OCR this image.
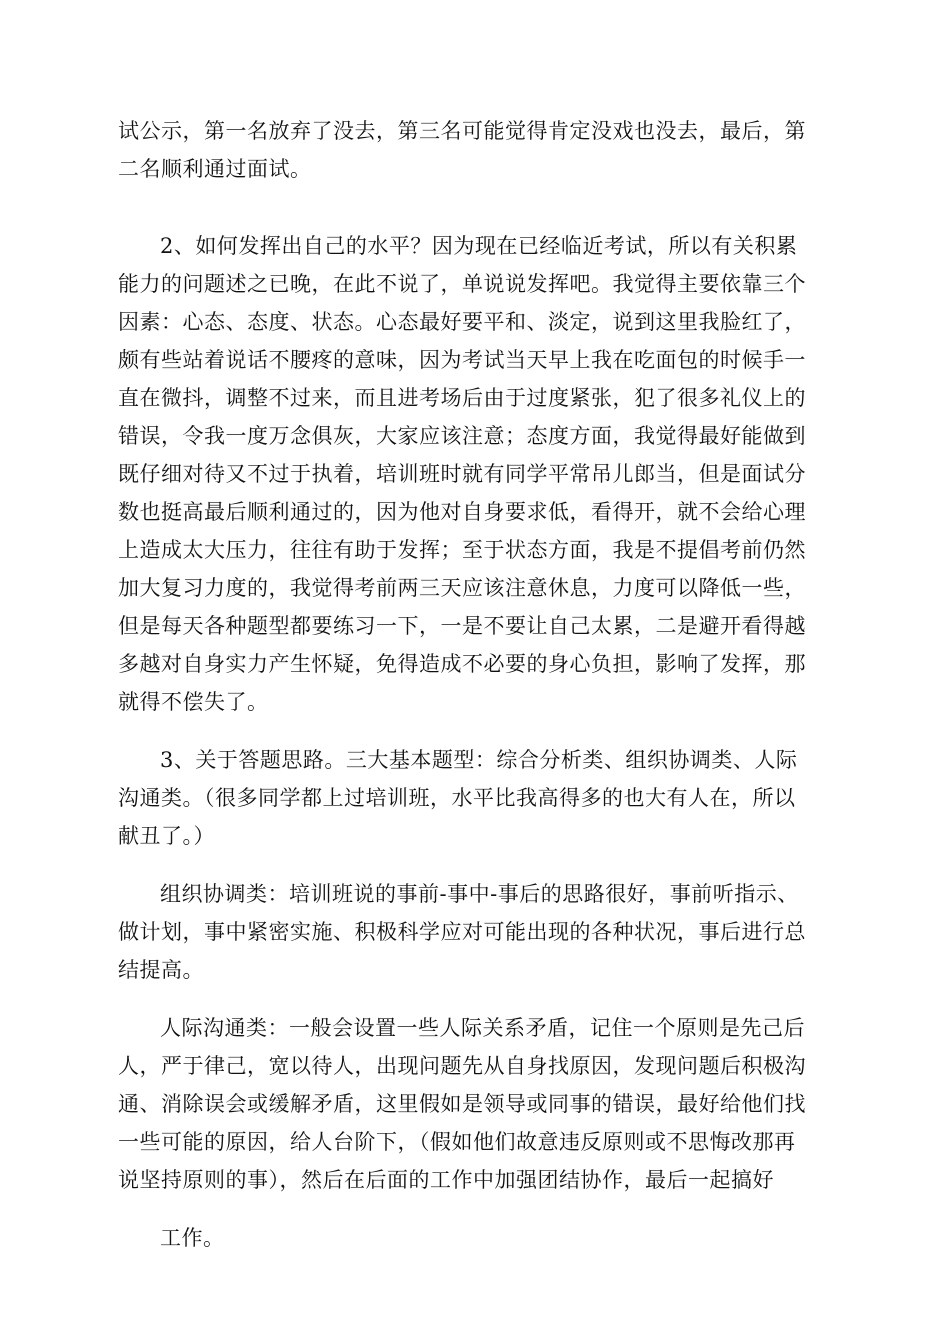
试公示，第一名放弃了没去，第三名可能觉得肯定没戏也没去，最后，第
二名顺利通过面试。
2、如何发挥出自己的水平？因为现在已经临近考试，所以有关积累
能力的问题述之已晚，在此不说了，单说说发挥吧。我觉得主要依靠三个
因素：心态、态度、状态。心态最好要平和、淡定，说到这里我脸红了，
颇有些站着说话不腰疼的意味，因为考试当天早上我在吃面包的时候手一
直在微抖，调整不过来，而且进考场后由于过度紧张，犯了很多礼仪上的
错误，令我一度万念俱灰，大家应该注意；态度方面，我觉得最好能做到
既仔细对待又不过于执着，培训班时就有同学平常吊儿郎当，但是面试分
数也挺高最后顺利通过的，因为他对自身要求低，看得开，就不会给心理
上造成太大压力，往往有助于发挥；至于状态方面，我是不提倡考前仍然
加大复习力度的，我觉得考前两三天应该注意休息，力度可以降低一些，
但是每天各种题型都要练习一下，一是不要让自己太累，二是避开看得越
多越对自身实力产生怀疑，免得造成不必要的身心负担，影响了发挥，那
就得不偿失了。
3、关于答题思路。三大基本题型：综合分析类、组织协调类、人际
沟通类。（很多同学都上过培训班，水平比我高得多的也大有人在，所以
献丑了。）
组织协调类：培训班说的事前-事中-事后的思路很好，事前听指示、
做计划，事中紧密实施、积极科学应对可能出现的各种状况，事后进行总
结提高。
人际沟通类：一般会设置一些人际关系矛盾，记住一个原则是先己后
人，严于律己，宽以待人，出现问题先从自身找原因，发现问题后积极沟
通、消除误会或缓解矛盾，这里假如是领导或同事的错误，最好给他们找
一些可能的原因，给人台阶下，（假如他们故意违反原则或不思悔改那再
说坚持原则的事），然后在后面的工作中加强团结协作，最后一起搞好
工作。
